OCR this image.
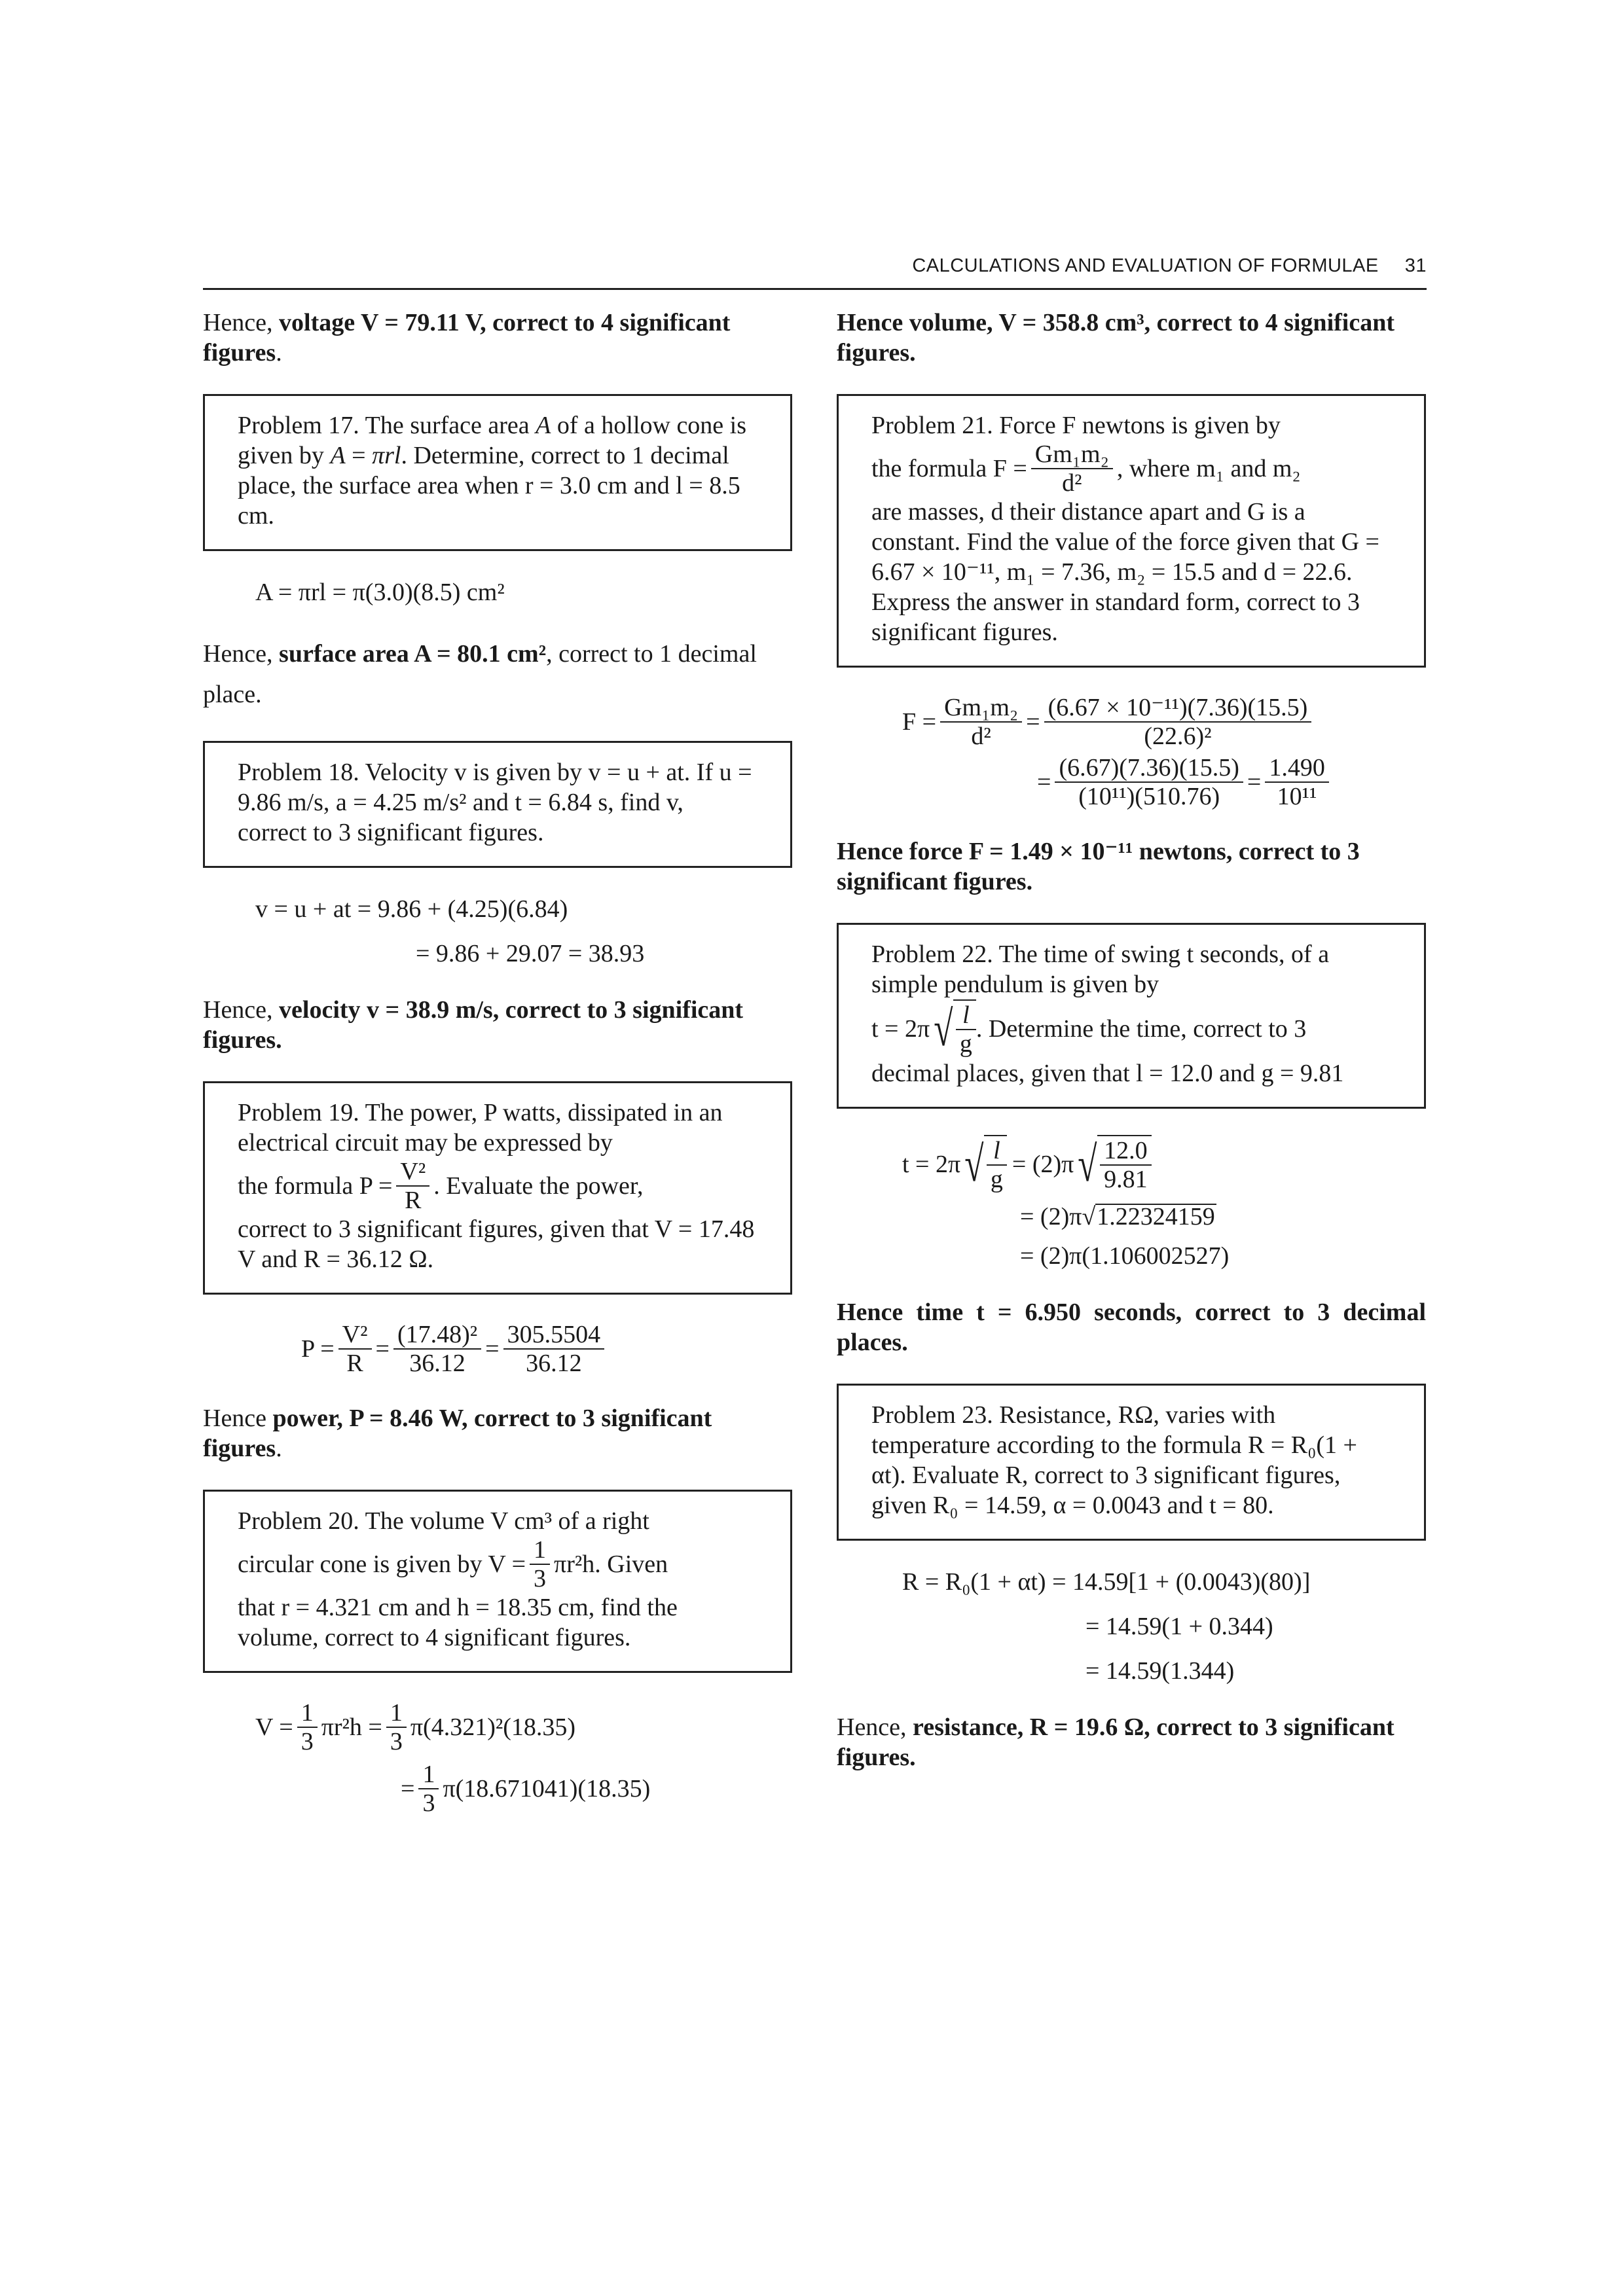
CALCULATIONS AND EVALUATION OF FORMULAE 31

Hence, voltage V = 79.11 V, correct to 4 significant figures.

Problem 17. The surface area A of a hollow cone is given by A = πrl. Determine, correct to 1 decimal place, the surface area when r = 3.0 cm and l = 8.5 cm.

A = πrl = π(3.0)(8.5) cm²

Hence, surface area A = 80.1 cm², correct to 1 decimal place.

Problem 18. Velocity v is given by v = u + at. If u = 9.86 m/s, a = 4.25 m/s² and t = 6.84 s, find v, correct to 3 significant figures.

v = u + at = 9.86 + (4.25)(6.84)

= 9.86 + 29.07 = 38.93

Hence, velocity v = 38.9 m/s, correct to 3 significant figures.

Problem 19. The power, P watts, dissipated in an electrical circuit may be expressed by
the formula $P = \frac{\text{V²}}{R}$ . Evaluate the power,
correct to 3 significant figures, given that V = 17.48 V and R = 36.12 Ω.
$P = \frac{\text{V²}}{R} = \frac{\text{(17.48)²}}{36.12} = \frac{305.5504}{36.12}$

Hence power, P = 8.46 W, correct to 3 significant figures.

Problem 20. The volume V cm³ of a right
circular cone is given by $V = \frac{1}{3} \pi r^2h$. Given
that r = 4.321 cm and h = 18.35 cm, find the volume, correct to 4 significant figures.
$V = \frac{1}{3} \pi r^2h = \frac{1}{3} \pi(4.321)^2(18.35)$
= $\frac{1}{3} \pi(18.671041)(18.35)$

Hence volume, V = 358.8 cm³, correct to 4 significant figures.

Problem 21. Force F newtons is given by
the formula $F = \frac{\text{Gm₁m₂}}{\text{d²}}$ , where m₁ and m₂
are masses, d their distance apart and G is a constant. Find the value of the force given that G = 6.67 × 10⁻¹¹, m₁ = 7.36, m₂ = 15.5 and d = 22.6. Express the answer in standard form, correct to 3 significant figures.
$F = \frac{\text{Gm₁m₂}}{\text{d²}} = \frac{\text{(6.67 × 10⁻¹¹)(7.36)(15.5)}}{\text{(22.6)²}}$
= $\frac{(6.67)(7.36)(15.5)}{\text{(10¹¹)(510.76)}} = \frac{1.490}{\text{10¹¹}}$

Hence force F = 1.49 × 10⁻¹¹ newtons, correct to 3 significant figures.

Problem 22. The time of swing t seconds, of a simple pendulum is given by
t = 2π √ $\frac{l}{g}$ . Determine the time, correct to 3
decimal places, given that l = 12.0 and g = 9.81
t = 2π √ $\frac{l}{g} = (2)\pi$ √ $\frac{12.0}{9.81}$

= (2)π√1.22324159

= (2)π(1.106002527)

Hence time t = 6.950 seconds, correct to 3 decimal places.

Problem 23. Resistance, RΩ, varies with temperature according to the formula R = R₀(1 + αt). Evaluate R, correct to 3 significant figures, given R₀ = 14.59, α = 0.0043 and t = 80.

R = R₀(1 + αt) = 14.59[1 + (0.0043)(80)]

= 14.59(1 + 0.344)

= 14.59(1.344)

Hence, resistance, R = 19.6 Ω, correct to 3 significant figures.
